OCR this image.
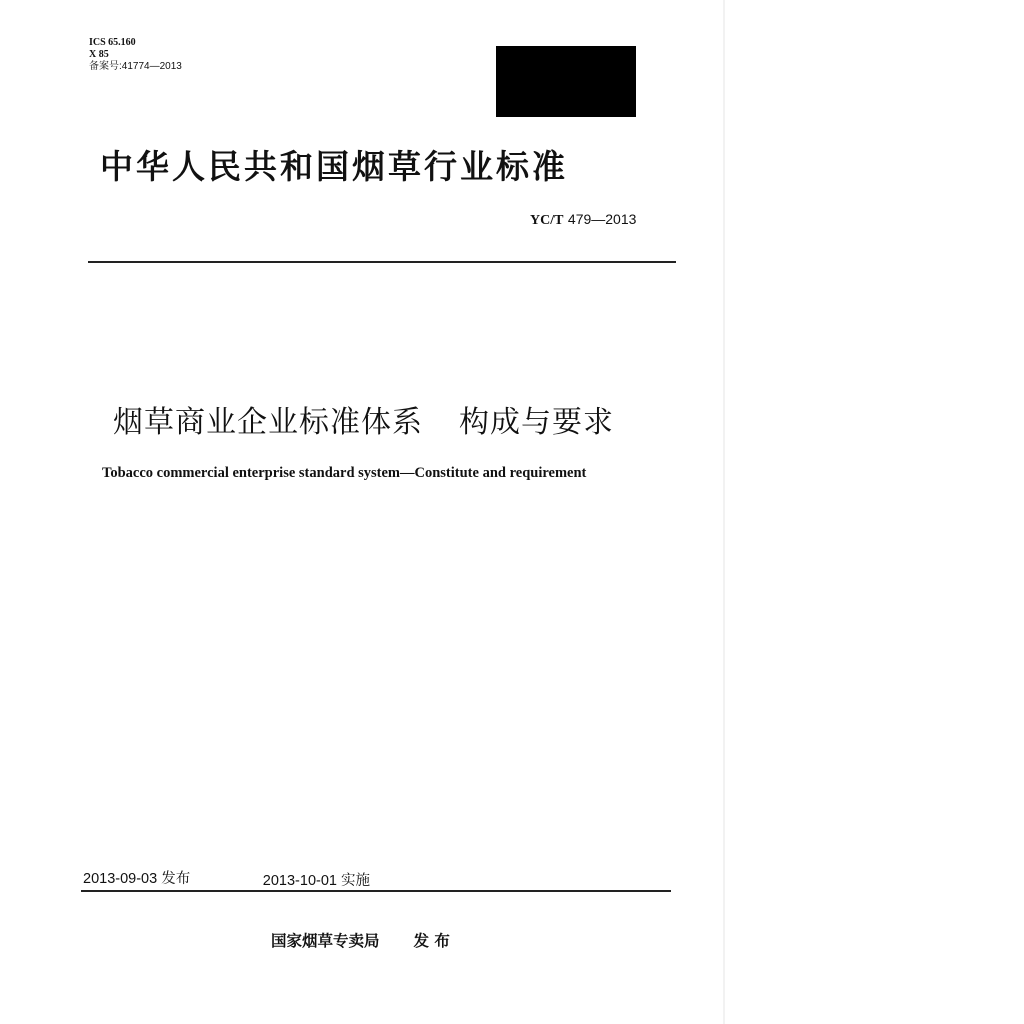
ICS 65.160
X 85
备案号:41774—2013
中华人民共和国烟草行业标准
YC/T 479—2013
烟草商业企业标准体系 构成与要求
Tobacco commercial enterprise standard system—Constitute and requirement
2013-09-03 发布	2013-10-01 实施
国家烟草专卖局 发 布
